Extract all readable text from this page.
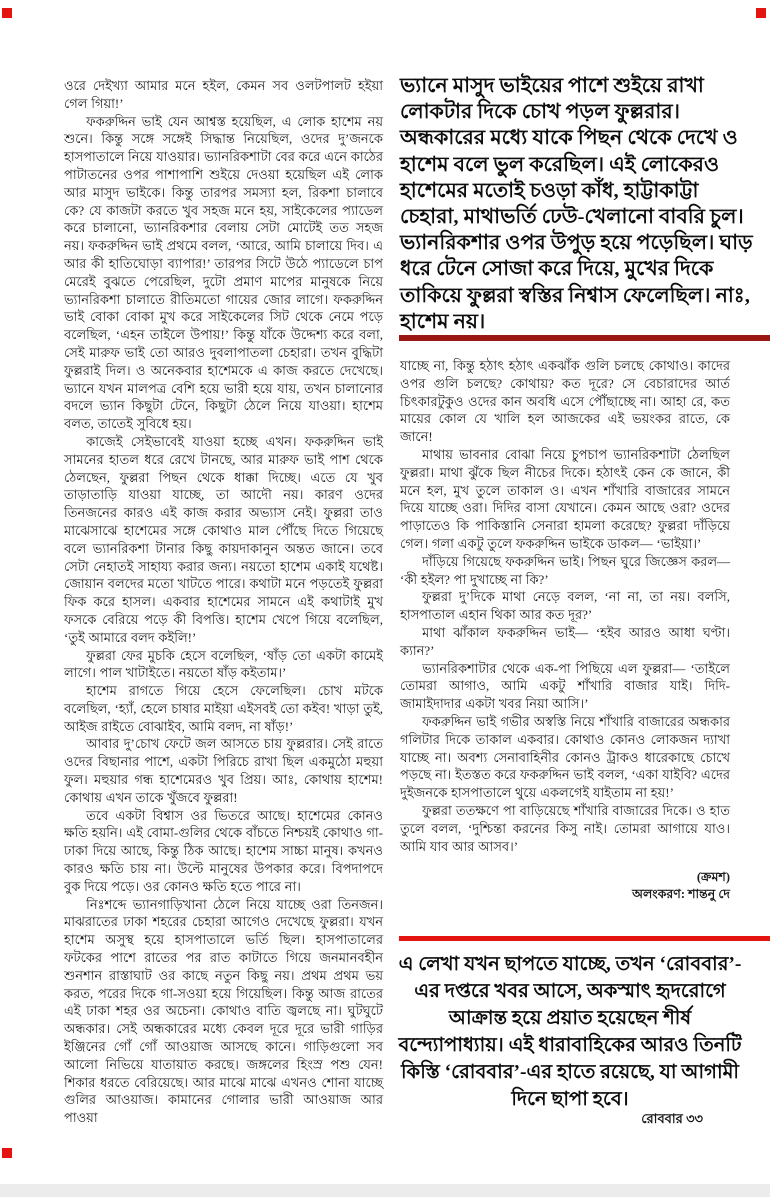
ওরে দেইখ্যা আমার মনে হইল, কেমন সব ওলটপালট হইয়া গেল গিয়া!’

ফকরুদ্দিন ভাই যেন আশ্বস্ত হয়েছিল, এ লোক হাশেম নয় শুনে। কিন্তু সঙ্গে সঙ্গেই সিদ্ধান্ত নিয়েছিল, ওদের দু’জনকে হাসপাতালে নিয়ে যাওয়ার। ভ্যানরিকশাটা বের করে এনে কাঠের পাটাতনের ওপর পাশাপাশি শুইয়ে দেওয়া হয়েছিল এই লোক আর মাসুদ ভাইকে। কিন্তু তারপর সমস্যা হল, রিকশা চালাবে কে? যে কাজটা করতে খুব সহজ মনে হয়, সাইকেলের প্যাডেল করে চালানো, ভ্যানরিকশার বেলায় সেটা মোটেই তত সহজ নয়। ফকরুদ্দিন ভাই প্রথমে বলল, ‘আরে, আমি চালায়ে দিব। এ আর কী হাতিঘোড়া ব্যাপার!’ তারপর সিটে উঠে প্যাডেলে চাপ মেরেই বুঝতে পেরেছিল, দুটো প্রমাণ মাপের মানুষকে নিয়ে ভ্যানরিকশা চালাতে রীতিমতো গায়ের জোর লাগে। ফকরুদ্দিন ভাই বোকা বোকা মুখ করে সাইকেলের সিট থেকে নেমে পড়ে বলেছিল, ‘এহন তাইলে উপায়!’ কিন্তু যাঁকে উদ্দেশ্য করে বলা, সেই মারুফ ভাই তো আরও দুবলাপাতলা চেহারা। তখন বুদ্ধিটা ফুল্লরাই দিল। ও অনেকবার হাশেমকে এ কাজ করতে দেখেছে। ভ্যানে যখন মালপত্র বেশি হয়ে ভারী হয়ে যায়, তখন চালানোর বদলে ভ্যান কিছুটা টেনে, কিছুটা ঠেলে নিয়ে যাওয়া। হাশেম বলত, তাতেই সুবিধে হয়।

কাজেই সেইভাবেই যাওয়া হচ্ছে এখন। ফকরুদ্দিন ভাই সামনের হাতল ধরে রেখে টানছে, আর মারুফ ভাই পাশ থেকে ঠেলছেন, ফুল্লরা পিছন থেকে ধাক্কা দিচ্ছে। এতে যে খুব তাড়াতাড়ি যাওয়া যাচ্ছে, তা আদৌ নয়। কারণ ওদের তিনজনের কারও এই কাজ করার অভ্যাস নেই। ফুল্লরা তাও মাঝেসাঝে হাশেমের সঙ্গে কোথাও মাল পৌঁছে দিতে গিয়েছে বলে ভ্যানরিকশা টানার কিছু কায়দাকানুন অন্তত জানে। তবে সেটা নেহাতই সাহায্য করার জন্য। নয়তো হাশেম একাই যথেষ্ট। জোয়ান বলদের মতো খাটতে পারে। কথাটা মনে পড়তেই ফুল্লরা ফিক করে হাসল। একবার হাশেমের সামনে এই কথাটাই মুখ ফসকে বেরিয়ে পড়ে কী বিপত্তি। হাশেম খেপে গিয়ে বলেছিল, ‘তুই আমারে বলদ কইলি!’

ফুল্লরা ফের মুচকি হেসে বলেছিল, ‘ষাঁড় তো একটা কামেই লাগে। পাল খাটাইতে। নয়তো ষাঁড় কইতাম।’

হাশেম রাগতে গিয়ে হেসে ফেলেছিল। চোখ মটকে বলেছিল, ‘হ্যাঁ, হেলে চাষার মাইয়া এইসবই তো কইব! খাড়া তুই, আইজ রাইতে বোঝাইব, আমি বলদ, না ষাঁড়!’

আবার দু’চোখ ফেটে জল আসতে চায় ফুল্লরার। সেই রাতে ওদের বিছানার পাশে, একটা পিরিচে রাখা ছিল একমুঠো মহুয়া ফুল। মহুয়ার গন্ধ হাশেমেরও খুব প্রিয়। আঃ, কোথায় হাশেম! কোথায় এখন তাকে খুঁজবে ফুল্লরা!

তবে একটা বিশ্বাস ওর ভিতরে আছে। হাশেমের কোনও ক্ষতি হয়নি। এই বোমা-গুলির থেকে বাঁচতে নিশ্চয়ই কোথাও গা-ঢাকা দিয়ে আছে, কিন্তু ঠিক আছে। হাশেম সাচ্চা মানুষ। কখনও কারও ক্ষতি চায় না। উল্টে মানুষের উপকার করে। বিপদাপদে বুক দিয়ে পড়ে। ওর কোনও ক্ষতি হতে পারে না।

নিঃশব্দে ভ্যানগাড়িখানা ঠেলে নিয়ে যাচ্ছে ওরা তিনজন। মাঝরাতের ঢাকা শহরের চেহারা আগেও দেখেছে ফুল্লরা। যখন হাশেম অসুস্থ হয়ে হাসপাতালে ভর্তি ছিল। হাসপাতালের ফটকের পাশে রাতের পর রাত কাটাতে গিয়ে জনমানবহীন শুনশান রাস্তাঘাট ওর কাছে নতুন কিছু নয়। প্রথম প্রথম ভয় করত, পরের দিকে গা-সওয়া হয়ে গিয়েছিল। কিন্তু আজ রাতের এই ঢাকা শহর ওর অচেনা। কোথাও বাতি জ্বলছে না। ঘুটঘুটে অন্ধকার। সেই অন্ধকারের মধ্যে কেবল দূরে দূরে ভারী গাড়ির ইঞ্জিনের গোঁ গোঁ আওয়াজ আসছে কানে। গাড়িগুলো সব আলো নিভিয়ে যাতায়াত করছে। জঙ্গলের হিংস্র পশু যেন! শিকার ধরতে বেরিয়েছে। আর মাঝে মাঝে এখনও শোনা যাচ্ছে গুলির আওয়াজ। কামানের গোলার ভারী আওয়াজ আর পাওয়া

ভ্যানে মাসুদ ভাইয়ের পাশে শুইয়ে রাখা লোকটার দিকে চোখ পড়ল ফুল্লরার। অন্ধকারের মধ্যে যাকে পিছন থেকে দেখে ও হাশেম বলে ভুল করেছিল। এই লোকেরও হাশেমের মতোই চওড়া কাঁধ, হাট্টাকাট্টা চেহারা, মাথাভর্তি ঢেউ-খেলানো বাবরি চুল। ভ্যানরিকশার ওপর উপুড় হয়ে পড়েছিল। ঘাড় ধরে টেনে সোজা করে দিয়ে, মুখের দিকে তাকিয়ে ফুল্লরা স্বস্তির নিশ্বাস ফেলেছিল। নাঃ, হাশেম নয়।

যাচ্ছে না, কিন্তু হঠাৎ হঠাৎ একঝাঁক গুলি চলছে কোথাও। কাদের ওপর গুলি চলছে? কোথায়? কত দূরে? সে বেচারাদের আর্ত চিৎকারটুকুও ওদের কান অবধি এসে পৌঁছাচ্ছে না। আহা রে, কত মায়ের কোল যে খালি হল আজকের এই ভয়ংকর রাতে, কে জানে!

মাথায় ভাবনার বোঝা নিয়ে চুপচাপ ভ্যানরিকশাটা ঠেলছিল ফুল্লরা। মাথা ঝুঁকে ছিল নীচের দিকে। হঠাৎই কেন কে জানে, কী মনে হল, মুখ তুলে তাকাল ও। এখন শাঁখারি বাজারের সামনে দিয়ে যাচ্ছে ওরা। দিদির বাসা যেখানে। কেমন আছে ওরা? ওদের পাড়াতেও কি পাকিস্তানি সেনারা হামলা করেছে? ফুল্লরা দাঁড়িয়ে গেল। গলা একটু তুলে ফকরুদ্দিন ভাইকে ডাকল— ‘ভাইয়া।’

দাঁড়িয়ে গিয়েছে ফকরুদ্দিন ভাই। পিছন ঘুরে জিজ্ঞেস করল— ‘কী হইল? পা দুখাচ্ছে না কি?’

ফুল্লরা দু’দিকে মাথা নেড়ে বলল, ‘না না, তা নয়। বলসি, হাসপাতাল এহান থিকা আর কত দূর?’

মাথা ঝাঁকাল ফকরুদ্দিন ভাই— ‘হইব আরও আধা ঘণ্টা। ক্যান?’

ভ্যানরিকশাটার থেকে এক-পা পিছিয়ে এল ফুল্লরা— ‘তাইলে তোমরা আগাও, আমি একটু শাঁখারি বাজার যাই। দিদি-জামাইদাদার একটা খবর নিয়া আসি।’

ফকরুদ্দিন ভাই গভীর অস্বস্তি নিয়ে শাঁখারি বাজারের অন্ধকার গলিটার দিকে তাকাল একবার। কোথাও কোনও লোকজন দ্যাখা যাচ্ছে না। অবশ্য সেনাবাহিনীর কোনও ট্রাকও ধারেকাছে চোখে পড়ছে না। ইতস্তত করে ফকরুদ্দিন ভাই বলল, ‘একা যাইবি? এদের দুইজনকে হাসপাতালে থুয়ে একলগেই যাইতাম না হয়!’

ফুল্লরা ততক্ষণে পা বাড়িয়েছে শাঁখারি বাজারের দিকে। ও হাত তুলে বলল, ‘দুশ্চিন্তা করনের কিসু নাই। তোমরা আগায়ে যাও। আমি যাব আর আসব।’

(ক্রমশ)

অলংকরণ: শান্তনু দে

এ লেখা যখন ছাপতে যাচ্ছে, তখন ‘রোববার’-এর দপ্তরে খবর আসে, অকস্মাৎ হৃদরোগে আক্রান্ত হয়ে প্রয়াত হয়েছেন শীর্ষ বন্দ্যোপাধ্যায়। এই ধারাবাহিকের আরও তিনটি কিস্তি ‘রোববার’-এর হাতে রয়েছে, যা আগামী দিনে ছাপা হবে।
রোববার ৩৩
